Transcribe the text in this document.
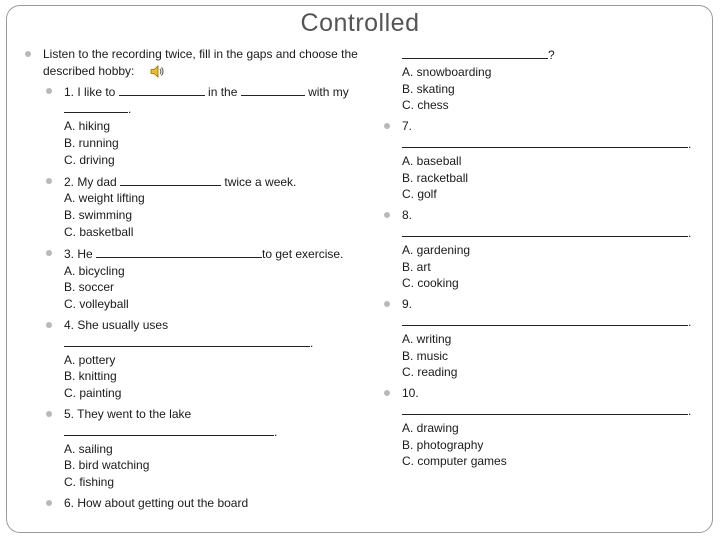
Controlled
Listen to the recording twice, fill in the gaps and choose the described hobby:
1. I like to	in the	with my
.
A. hiking
B. running
C. driving
2. My dad	twice a week.
A. weight lifting
B. swimming
C. basketball
3. He	to get exercise.
A. bicycling
B. soccer
C. volleyball
4. She usually uses
.
A. pottery
B. knitting
C. painting
5. They went to the lake
.
A. sailing
B. bird watching
C. fishing
6. How about getting out the board
?
A. snowboarding
B. skating
C. chess
7.
.
A. baseball
B. racketball
C. golf
8.
.
A. gardening
B. art
C. cooking
9.
.
A. writing
B. music
C. reading
10.
.
A. drawing
B. photography
C. computer games
